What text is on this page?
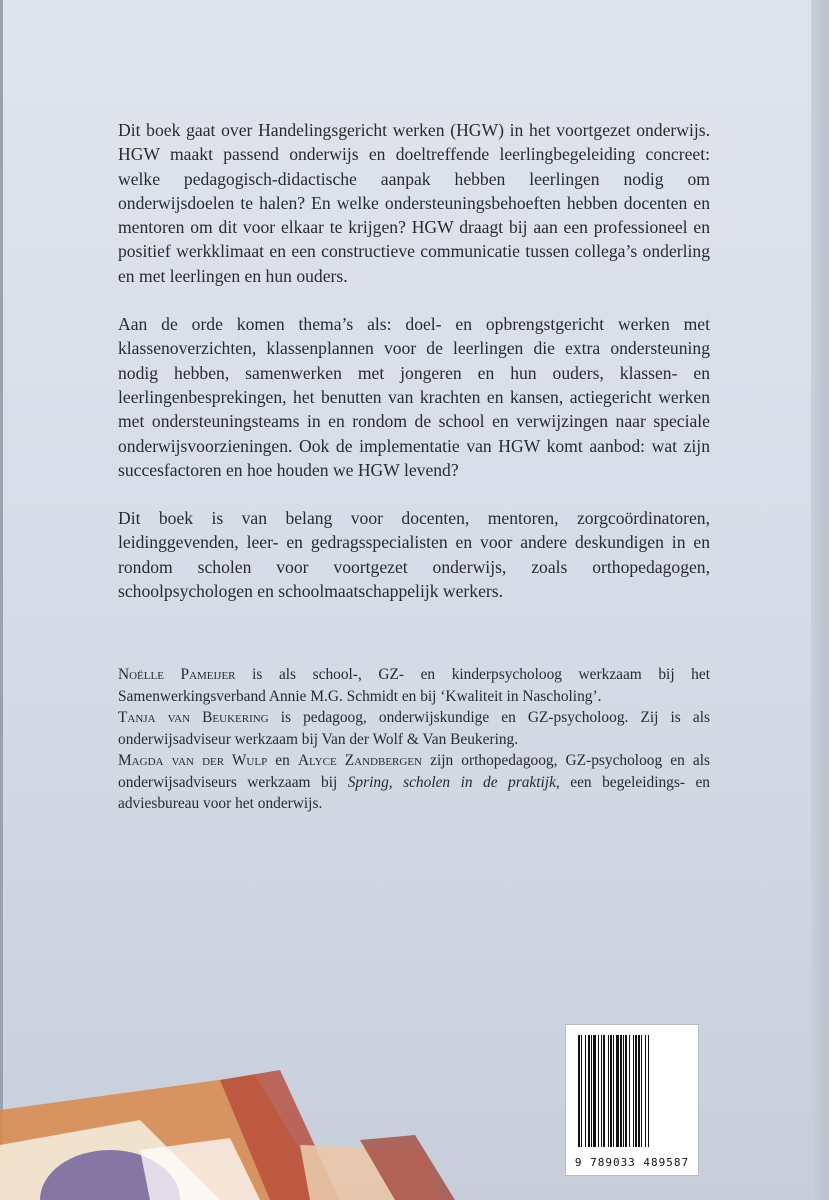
Dit boek gaat over Handelingsgericht werken (HGW) in het voortgezet onderwijs. HGW maakt passend onderwijs en doeltreffende leerlingbegeleiding concreet: welke pedagogisch-didactische aanpak hebben leerlingen nodig om onderwijsdoelen te halen? En welke ondersteuningsbehoeften hebben docenten en mentoren om dit voor elkaar te krijgen? HGW draagt bij aan een professioneel en positief werkklimaat en een constructieve communicatie tussen collega’s onderling en met leerlingen en hun ouders.

Aan de orde komen thema’s als: doel- en opbrengstgericht werken met klassenoverzichten, klassenplannen voor de leerlingen die extra ondersteuning nodig hebben, samenwerken met jongeren en hun ouders, klassen- en leerlingenbesprekingen, het benutten van krachten en kansen, actiegericht werken met ondersteuningsteams in en rondom de school en verwijzingen naar speciale onderwijsvoorzieningen. Ook de implementatie van HGW komt aanbod: wat zijn succesfactoren en hoe houden we HGW levend?

Dit boek is van belang voor docenten, mentoren, zorgcoördinatoren, leidinggevenden, leer- en gedragsspecialisten en voor andere deskundigen in en rondom scholen voor voortgezet onderwijs, zoals orthopedagogen, schoolpsychologen en schoolmaatschappelijk werkers.

Noëlle Pameijer is als school-, GZ- en kinderpsycholoog werkzaam bij het Samenwerkingsverband Annie M.G. Schmidt en bij ‘Kwaliteit in Nascholing’.

Tanja van Beukering is pedagoog, onderwijskundige en GZ-psycholoog. Zij is als onderwijsadviseur werkzaam bij Van der Wolf & Van Beukering.

Magda van der Wulp en Alyce Zandbergen zijn orthopedagoog, GZ-psycholoog en als onderwijsadviseurs werkzaam bij Spring, scholen in de praktijk, een begeleidings- en adviesbureau voor het onderwijs.

9 789033 489587
